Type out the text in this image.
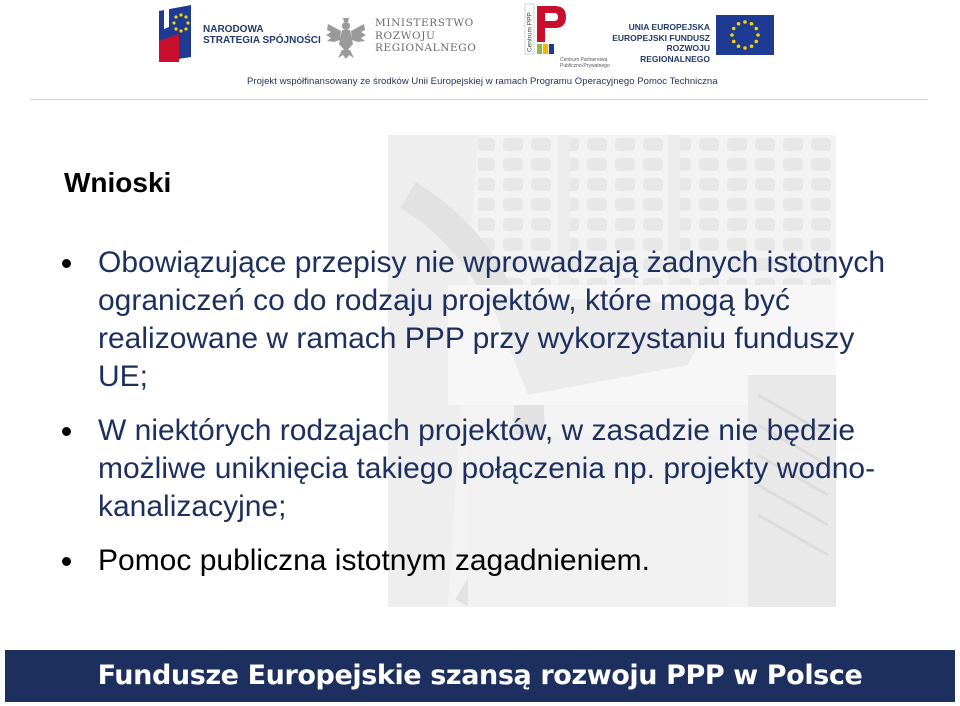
NARODOWA
STRATEGIA SPÓJNOŚCI
MINISTERSTWO
ROZWOJU
REGIONALNEGO	Centrum PPP
Centrum Partnerstwa
Publiczno-Prywatnego
UNIA EUROPEJSKA
EUROPEJSKI FUNDUSZ
ROZWOJU REGIONALNEGO
Projekt współfinansowany ze środków Unii Europejskiej w ramach Programu Operacyjnego Pomoc Techniczna
Wnioski
Obowiązujące przepisy nie wprowadzają żadnych istotnych ograniczeń co do rodzaju projektów, które mogą być realizowane w ramach PPP przy wykorzystaniu funduszy UE;
W niektórych rodzajach projektów, w zasadzie nie będzie możliwe uniknięcia takiego połączenia np. projekty wodno-kanalizacyjne;
Pomoc publiczna istotnym zagadnieniem.
Fundusze Europejskie szansą rozwoju PPP w Polsce
